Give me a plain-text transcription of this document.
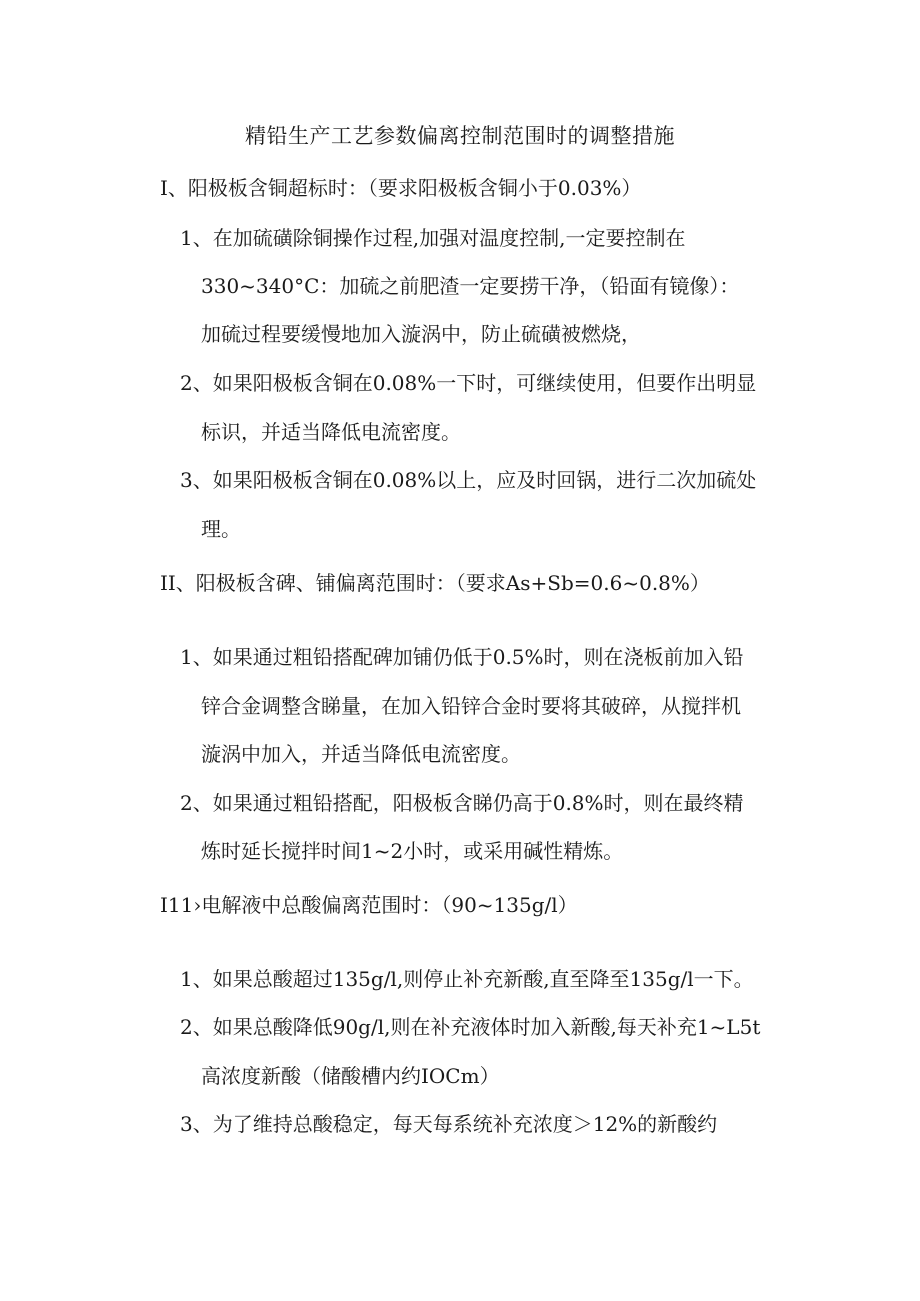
精铅生产工艺参数偏离控制范围时的调整措施
I、阳极板含铜超标时：（要求阳极板含铜小于0.03%）
1、在加硫磺除铜操作过程,加强对温度控制,一定要控制在
330~340°C：加硫之前肥渣一定要捞干净，（铅面有镜像）：
加硫过程要缓慢地加入漩涡中，防止硫磺被燃烧，
2、如果阳极板含铜在0.08%一下时，可继续使用，但要作出明显
标识，并适当降低电流密度。
3、如果阳极板含铜在0.08%以上，应及时回锅，进行二次加硫处
理。
II、阳极板含碑、铺偏离范围时：（要求As+Sb=0.6~0.8%）
1、如果通过粗铅搭配碑加铺仍低于0.5%时，则在浇板前加入铅
锌合金调整含睇量，在加入铅锌合金时要将其破碎，从搅拌机
漩涡中加入，并适当降低电流密度。
2、如果通过粗铅搭配，阳极板含睇仍高于0.8%时，则在最终精
炼时延长搅拌时间1~2小时，或采用碱性精炼。
I11›电解液中总酸偏离范围时：（90~135g∕l）
1、如果总酸超过135g∕l,则停止补充新酸,直至降至135g∕l一下。
2、如果总酸降低90g∕l,则在补充液体时加入新酸,每天补充1~L5t
高浓度新酸（储酸槽内约IOCm）
3、为了维持总酸稳定，每天每系统补充浓度＞12%的新酸约
